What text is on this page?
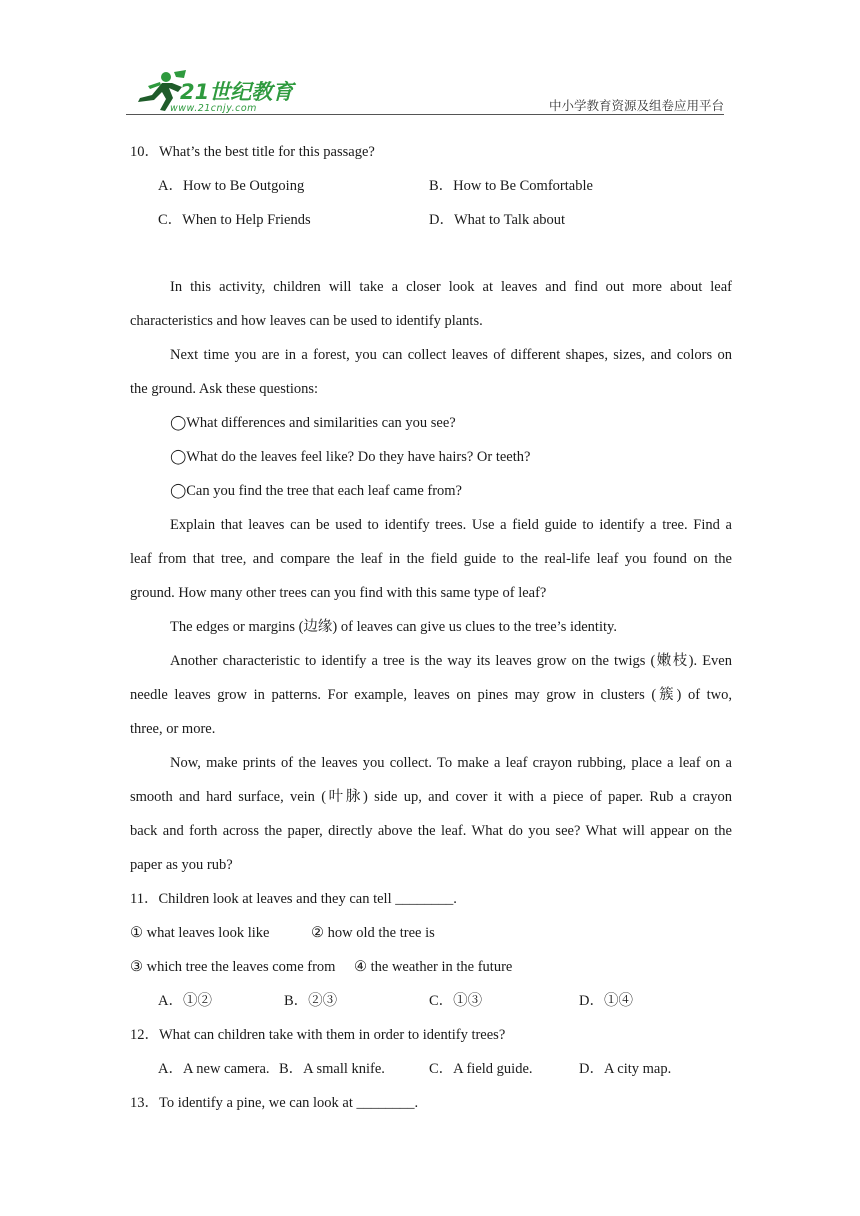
21世纪教育
www.21cnjy.com	中小学教育资源及组卷应用平台
10．What’s the best title for this passage?
A．How to Be Outgoing	B．How to Be Comfortable
C．When to Help Friends	D．What to Talk about
In this activity, children will take a closer look at leaves and find out more about leaf
characteristics and how leaves can be used to identify plants.
Next time you are in a forest, you can collect leaves of different shapes, sizes, and colors on
the ground. Ask these questions:
◯What differences and similarities can you see?
◯What do the leaves feel like? Do they have hairs? Or teeth?
◯Can you find the tree that each leaf came from?
Explain that leaves can be used to identify trees. Use a field guide to identify a tree. Find a
leaf from that tree, and compare the leaf in the field guide to the real-life leaf you found on the
ground. How many other trees can you find with this same type of leaf?
The edges or margins (边缘) of leaves can give us clues to the tree’s identity.
Another characteristic to identify a tree is the way its leaves grow on the twigs (嫩枝). Even
needle leaves grow in patterns. For example, leaves on pines may grow in clusters (簇) of two,
three, or more.
Now, make prints of the leaves you collect. To make a leaf crayon rubbing, place a leaf on a
smooth and hard surface, vein (叶脉) side up, and cover it with a piece of paper. Rub a crayon
back and forth across the paper, directly above the leaf. What do you see? What will appear on the
paper as you rub?
11．Children look at leaves and they can tell ________.
① what leaves look like	② how old the tree is
③ which tree the leaves come from ④ the weather in the future
A．①②	B．②③	C．①③	D．①④
12．What can children take with them in order to identify trees?
A．A new camera. B．A small knife.	C．A field guide.	D．A city map.
13．To identify a pine, we can look at ________.
